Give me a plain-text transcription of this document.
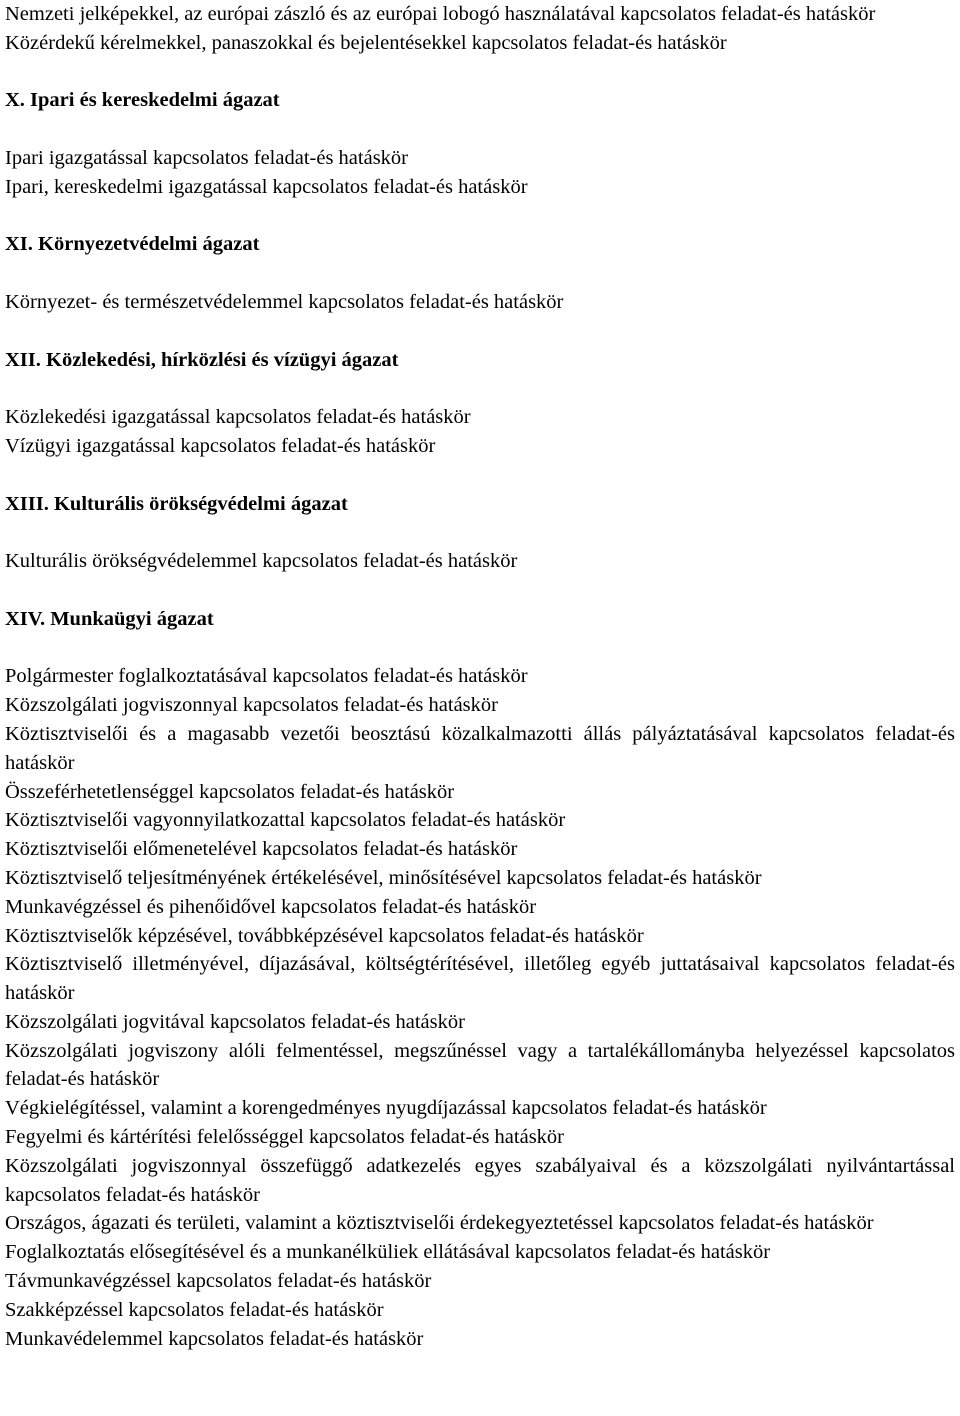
Nemzeti jelképekkel, az európai zászló és az európai lobogó használatával kapcsolatos feladat-és hatáskör

Közérdekű kérelmekkel, panaszokkal és bejelentésekkel kapcsolatos feladat-és hatáskör

X. Ipari és kereskedelmi ágazat

Ipari igazgatással kapcsolatos feladat-és hatáskör

Ipari, kereskedelmi igazgatással kapcsolatos feladat-és hatáskör

XI. Környezetvédelmi ágazat

Környezet- és természetvédelemmel kapcsolatos feladat-és hatáskör

XII. Közlekedési, hírközlési és vízügyi ágazat

Közlekedési igazgatással kapcsolatos feladat-és hatáskör

Vízügyi igazgatással kapcsolatos feladat-és hatáskör

XIII. Kulturális örökségvédelmi ágazat

Kulturális örökségvédelemmel kapcsolatos feladat-és hatáskör

XIV. Munkaügyi ágazat

Polgármester foglalkoztatásával kapcsolatos feladat-és hatáskör

Közszolgálati jogviszonnyal kapcsolatos feladat-és hatáskör

Köztisztviselői és a magasabb vezetői beosztású közalkalmazotti állás pályáztatásával kapcsolatos feladat-és hatáskör

Összeférhetetlenséggel kapcsolatos feladat-és hatáskör

Köztisztviselői vagyonnyilatkozattal kapcsolatos feladat-és hatáskör

Köztisztviselői előmenetelével kapcsolatos feladat-és hatáskör

Köztisztviselő teljesítményének értékelésével, minősítésével kapcsolatos feladat-és hatáskör

Munkavégzéssel és pihenőidővel kapcsolatos feladat-és hatáskör

Köztisztviselők képzésével, továbbképzésével kapcsolatos feladat-és hatáskör

Köztisztviselő illetményével, díjazásával, költségtérítésével, illetőleg egyéb juttatásaival kapcsolatos feladat-és hatáskör

Közszolgálati jogvitával kapcsolatos feladat-és hatáskör

Közszolgálati jogviszony alóli felmentéssel, megszűnéssel vagy a tartalékállományba helyezéssel kapcsolatos feladat-és hatáskör

Végkielégítéssel, valamint a korengedményes nyugdíjazással kapcsolatos feladat-és hatáskör

Fegyelmi és kártérítési felelősséggel kapcsolatos feladat-és hatáskör

Közszolgálati jogviszonnyal összefüggő adatkezelés egyes szabályaival és a közszolgálati nyilvántartással kapcsolatos feladat-és hatáskör

Országos, ágazati és területi, valamint a köztisztviselői érdekegyeztetéssel kapcsolatos feladat-és hatáskör

Foglalkoztatás elősegítésével és a munkanélküliek ellátásával kapcsolatos feladat-és hatáskör

Távmunkavégzéssel kapcsolatos feladat-és hatáskör

Szakképzéssel kapcsolatos feladat-és hatáskör

Munkavédelemmel kapcsolatos feladat-és hatáskör
